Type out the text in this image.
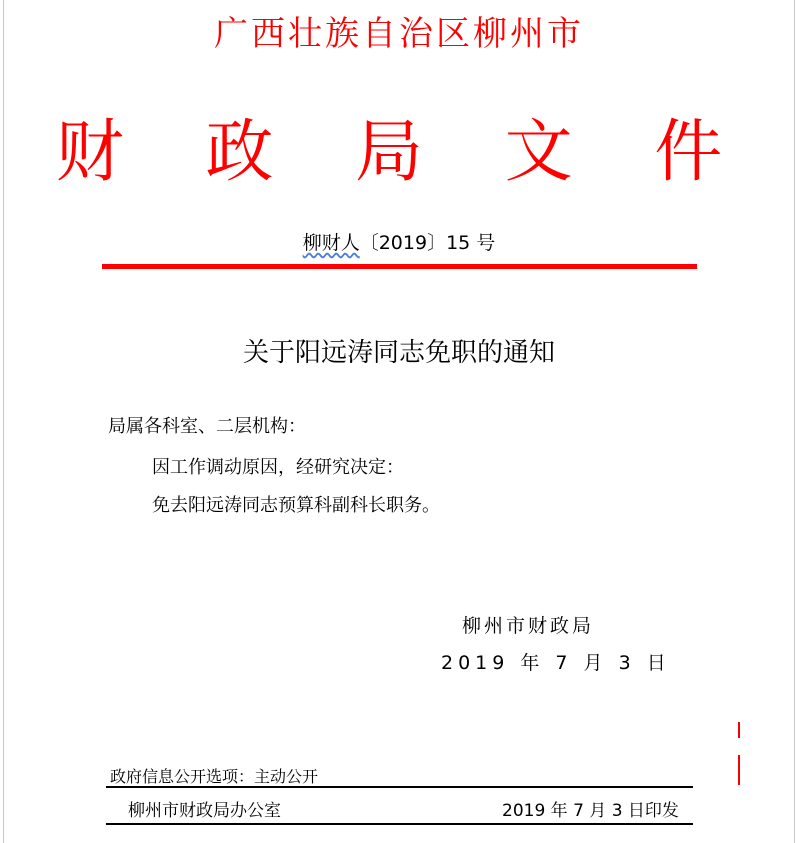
广西壮族自治区柳州市
财 政 局 文 件
柳财人〔2019〕15 号
关于阳远涛同志免职的通知
局属各科室、二层机构：
因工作调动原因，经研究决定：
免去阳远涛同志预算科副科长职务。
柳州市财政局
2019 年 7 月 3 日
政府信息公开选项：主动公开
柳州市财政局办公室	2019 年 7 月 3 日印发
